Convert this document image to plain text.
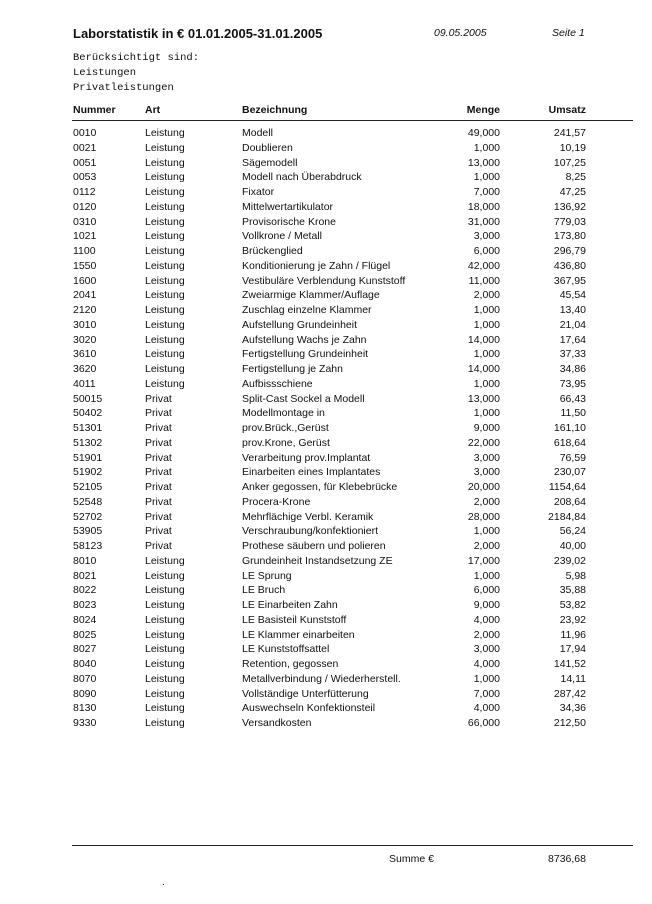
Laborstatistik in € 01.01.2005-31.01.2005	09.05.2005	Seite 1
Berücksichtigt sind:
Leistungen
Privatleistungen
Nummer	Art	Bezeichnung	Menge	Umsatz
0010	Leistung	Modell	49,000	241,57
0021	Leistung	Doublieren	1,000	10,19
0051	Leistung	Sägemodell	13,000	107,25
0053	Leistung	Modell nach Überabdruck	1,000	8,25
0112	Leistung	Fixator	7,000	47,25
0120	Leistung	Mittelwertartikulator	18,000	136,92
0310	Leistung	Provisorische Krone	31,000	779,03
1021	Leistung	Vollkrone / Metall	3,000	173,80
1100	Leistung	Brückenglied	6,000	296,79
1550	Leistung	Konditionierung je Zahn / Flügel	42,000	436,80
1600	Leistung	Vestibuläre Verblendung Kunststoff	11,000	367,95
2041	Leistung	Zweiarmige Klammer/Auflage	2,000	45,54
2120	Leistung	Zuschlag einzelne Klammer	1,000	13,40
3010	Leistung	Aufstellung Grundeinheit	1,000	21,04
3020	Leistung	Aufstellung Wachs je Zahn	14,000	17,64
3610	Leistung	Fertigstellung Grundeinheit	1,000	37,33
3620	Leistung	Fertigstellung je Zahn	14,000	34,86
4011	Leistung	Aufbissschiene	1,000	73,95
50015	Privat	Split-Cast Sockel a Modell	13,000	66,43
50402	Privat	Modellmontage in	1,000	11,50
51301	Privat	prov.Brück.,Gerüst	9,000	161,10
51302	Privat	prov.Krone, Gerüst	22,000	618,64
51901	Privat	Verarbeitung prov.Implantat	3,000	76,59
51902	Privat	Einarbeiten eines Implantates	3,000	230,07
52105	Privat	Anker gegossen, für Klebebrücke	20,000	1154,64
52548	Privat	Procera-Krone	2,000	208,64
52702	Privat	Mehrflächige Verbl. Keramik	28,000	2184,84
53905	Privat	Verschraubung/konfektioniert	1,000	56,24
58123	Privat	Prothese säubern und polieren	2,000	40,00
8010	Leistung	Grundeinheit Instandsetzung ZE	17,000	239,02
8021	Leistung	LE Sprung	1,000	5,98
8022	Leistung	LE Bruch	6,000	35,88
8023	Leistung	LE Einarbeiten Zahn	9,000	53,82
8024	Leistung	LE Basisteil Kunststoff	4,000	23,92
8025	Leistung	LE Klammer einarbeiten	2,000	11,96
8027	Leistung	LE Kunststoffsattel	3,000	17,94
8040	Leistung	Retention, gegossen	4,000	141,52
8070	Leistung	Metallverbindung / Wiederherstell.	1,000	14,11
8090	Leistung	Vollständige Unterfütterung	7,000	287,42
8130	Leistung	Auswechseln Konfektionsteil	4,000	34,36
9330	Leistung	Versandkosten	66,000	212,50
Summe €	8736,68
.
